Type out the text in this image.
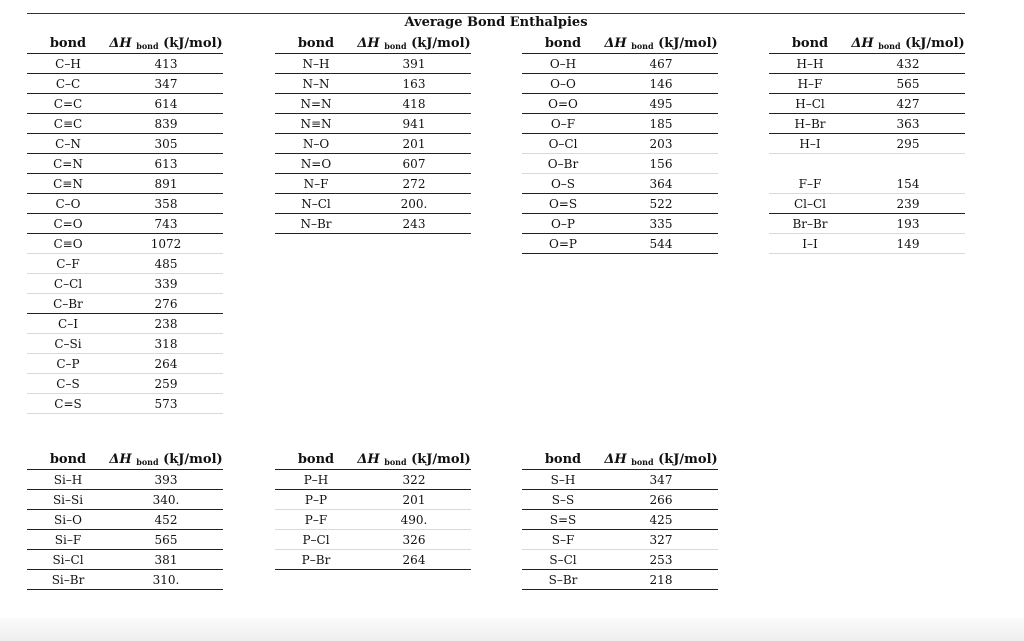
Average Bond Enthalpies
bond	ΔH $_{bond}$ (kJ/mol)
C–H	413
C–C	347
C=C	614
C≡C	839
C–N	305
C=N	613
C≡N	891
C–O	358
C=O	743
C≡O	1072
C–F	485
C–Cl	339
C–Br	276
C–I	238
C–Si	318
C–P	264
C–S	259
C=S	573
bond	ΔH $_{bond}$ (kJ/mol)
N–H	391
N–N	163
N=N	418
N≡N	941
N–O	201
N=O	607
N–F	272
N–Cl	200.
N–Br	243
bond	ΔH $_{bond}$ (kJ/mol)
O–H	467
O–O	146
O=O	495
O–F	185
O–Cl	203
O–Br	156
O–S	364
O=S	522
O–P	335
O=P	544
bond	ΔH $_{bond}$ (kJ/mol)
H–H	432
H–F	565
H–Cl	427
H–Br	363
H–I	295
F–F	154
Cl–Cl	239
Br–Br	193
I–I	149
bond	ΔH $_{bond}$ (kJ/mol)
Si–H	393
Si–Si	340.
Si–O	452
Si–F	565
Si–Cl	381
Si–Br	310.
bond	ΔH $_{bond}$ (kJ/mol)
P–H	322
P–P	201
P–F	490.
P–Cl	326
P–Br	264
bond	ΔH $_{bond}$ (kJ/mol)
S–H	347
S–S	266
S=S	425
S–F	327
S–Cl	253
S–Br	218
